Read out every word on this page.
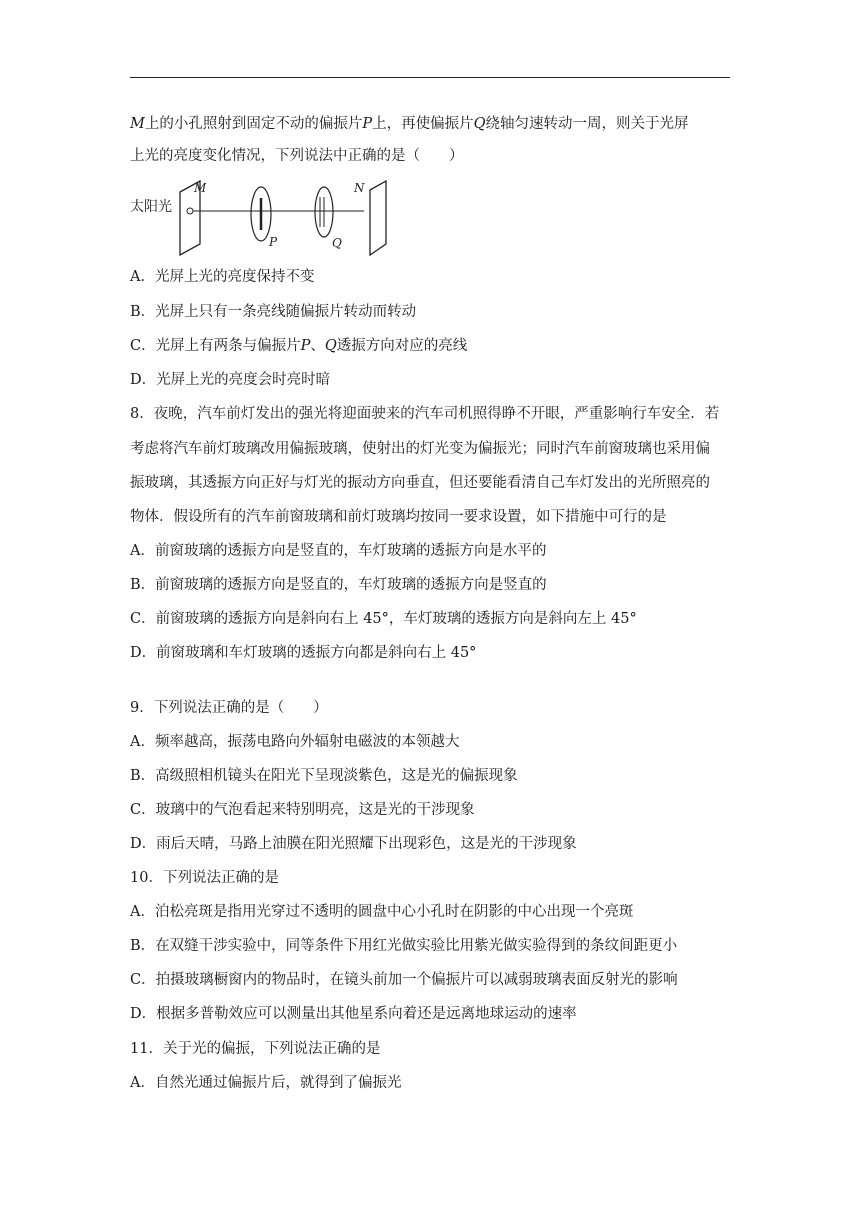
M上的小孔照射到固定不动的偏振片P上，再使偏振片Q绕轴匀速转动一周，则关于光屏
上光的亮度变化情况，下列说法中正确的是（　　）
太阳光
M
P	Q
N
A．光屏上光的亮度保持不变
B．光屏上只有一条亮线随偏振片转动而转动
C．光屏上有两条与偏振片P、Q透振方向对应的亮线
D．光屏上光的亮度会时亮时暗
8．夜晚，汽车前灯发出的强光将迎面驶来的汽车司机照得睁不开眼，严重影响行车安全．若
考虑将汽车前灯玻璃改用偏振玻璃，使射出的灯光变为偏振光；同时汽车前窗玻璃也采用偏
振玻璃，其透振方向正好与灯光的振动方向垂直，但还要能看清自己车灯发出的光所照亮的
物体．假设所有的汽车前窗玻璃和前灯玻璃均按同一要求设置，如下措施中可行的是
A．前窗玻璃的透振方向是竖直的，车灯玻璃的透振方向是水平的
B．前窗玻璃的透振方向是竖直的，车灯玻璃的透振方向是竖直的
C．前窗玻璃的透振方向是斜向右上 45°，车灯玻璃的透振方向是斜向左上 45°
D．前窗玻璃和车灯玻璃的透振方向都是斜向右上 45°
9．下列说法正确的是（　　）
A．频率越高，振荡电路向外辐射电磁波的本领越大
B．高级照相机镜头在阳光下呈现淡紫色，这是光的偏振现象
C．玻璃中的气泡看起来特别明亮，这是光的干涉现象
D．雨后天晴，马路上油膜在阳光照耀下出现彩色，这是光的干涉现象
10．下列说法正确的是
A．泊松亮斑是指用光穿过不透明的圆盘中心小孔时在阴影的中心出现一个亮斑
B．在双缝干涉实验中，同等条件下用红光做实验比用紫光做实验得到的条纹间距更小
C．拍摄玻璃橱窗内的物品时，在镜头前加一个偏振片可以减弱玻璃表面反射光的影响
D．根据多普勒效应可以测量出其他星系向着还是远离地球运动的速率
11．关于光的偏振，下列说法正确的是
A．自然光通过偏振片后，就得到了偏振光
